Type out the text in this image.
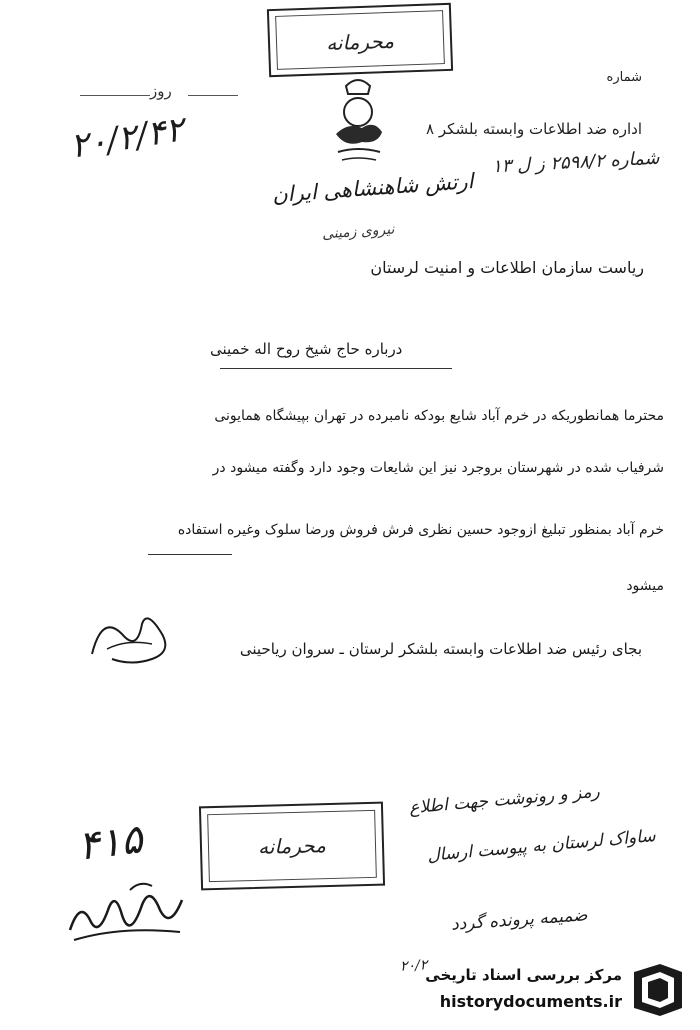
محرمانه
روز
۲۰/۲/۴۲
شماره
اداره ضد اطلاعات وابسته بلشکر ۸
شماره ۲۵۹۸/۲ ز ل ۱۳
ارتش شاهنشاهی ایران
نیروی زمینی
ریاست سازمان اطلاعات و امنیت لرستان
درباره حاج شیخ روح اله خمینی
محترما همانطوریکه در خرم آباد شایع بودکه نامبرده در تهران بپیشگاه همایونی
شرفیاب شده در شهرستان بروجرد نیز این شایعات وجود دارد وگفته میشود در
خرم آباد بمنظور تبلیغ ازوجود حسین نظری فرش فروش ورضا سلوک وغیره استفاده
میشود
بجای رئیس ضد اطلاعات وابسته بلشکر لرستان ـ سروان ریاحینی
محرمانه
۴۱۵
رمز و رونوشت جهت اطلاع
ساواک لرستان به پیوست ارسال
ضمیمه پرونده گردد
۲۰/۲
مرکز بررسی اسناد تاریخی
historydocuments.ir
